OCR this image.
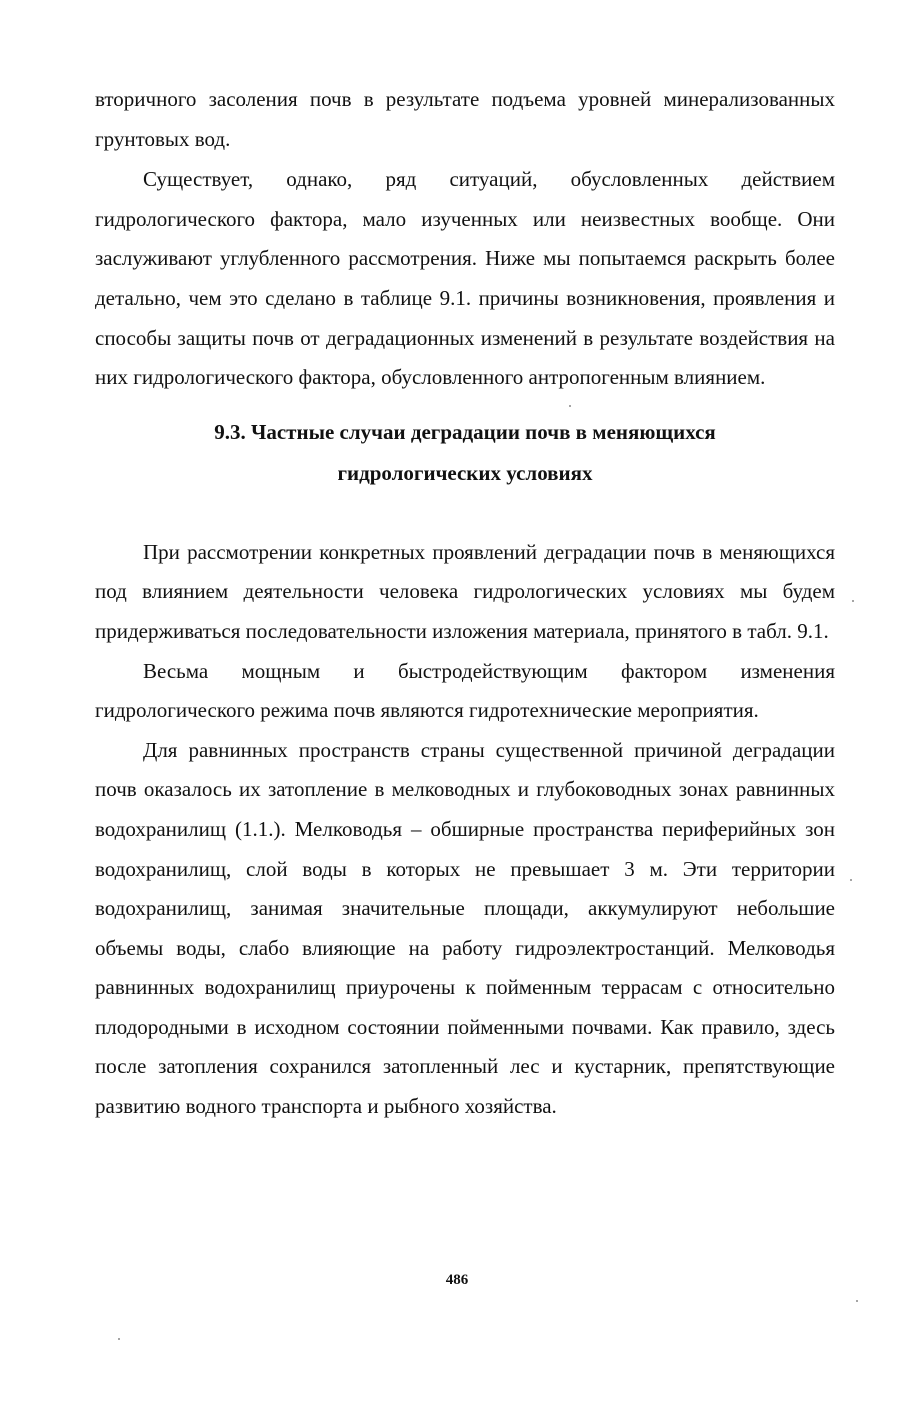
вторичного засоления почв в результате подъема уровней минерализованных грунтовых вод.

Существует, однако, ряд ситуаций, обусловленных действием гидрологического фактора, мало изученных или неизвестных вообще. Они заслуживают углубленного рассмотрения. Ниже мы попытаемся раскрыть более детально, чем это сделано в таблице 9.1. причины возникновения, проявления и способы защиты почв от деградационных изменений в результате воздействия на них гидрологического фактора, обусловленного антропогенным влиянием.

9.3. Частные случаи деградации почв в меняющихся

гидрологических условиях

При рассмотрении конкретных проявлений деградации почв в меняющихся под влиянием деятельности человека гидрологических условиях мы будем придерживаться последовательности изложения материала, принятого в табл. 9.1.

Весьма мощным и быстродействующим фактором изменения гидрологического режима почв являются гидротехнические мероприятия.

Для равнинных пространств страны существенной причиной деградации почв оказалось их затопление в мелководных и глубоководных зонах равнинных водохранилищ (1.1.). Мелководья – обширные пространства периферийных зон водохранилищ, слой воды в которых не превышает 3 м. Эти территории водохранилищ, занимая значительные площади, аккумулируют небольшие объемы воды, слабо влияющие на работу гидроэлектростанций. Мелководья равнинных водохранилищ приурочены к пойменным террасам с относительно плодородными в исходном состоянии пойменными почвами. Как правило, здесь после затопления сохранился затопленный лес и кустарник, препятствующие развитию водного транспорта и рыбного хозяйства.

486
